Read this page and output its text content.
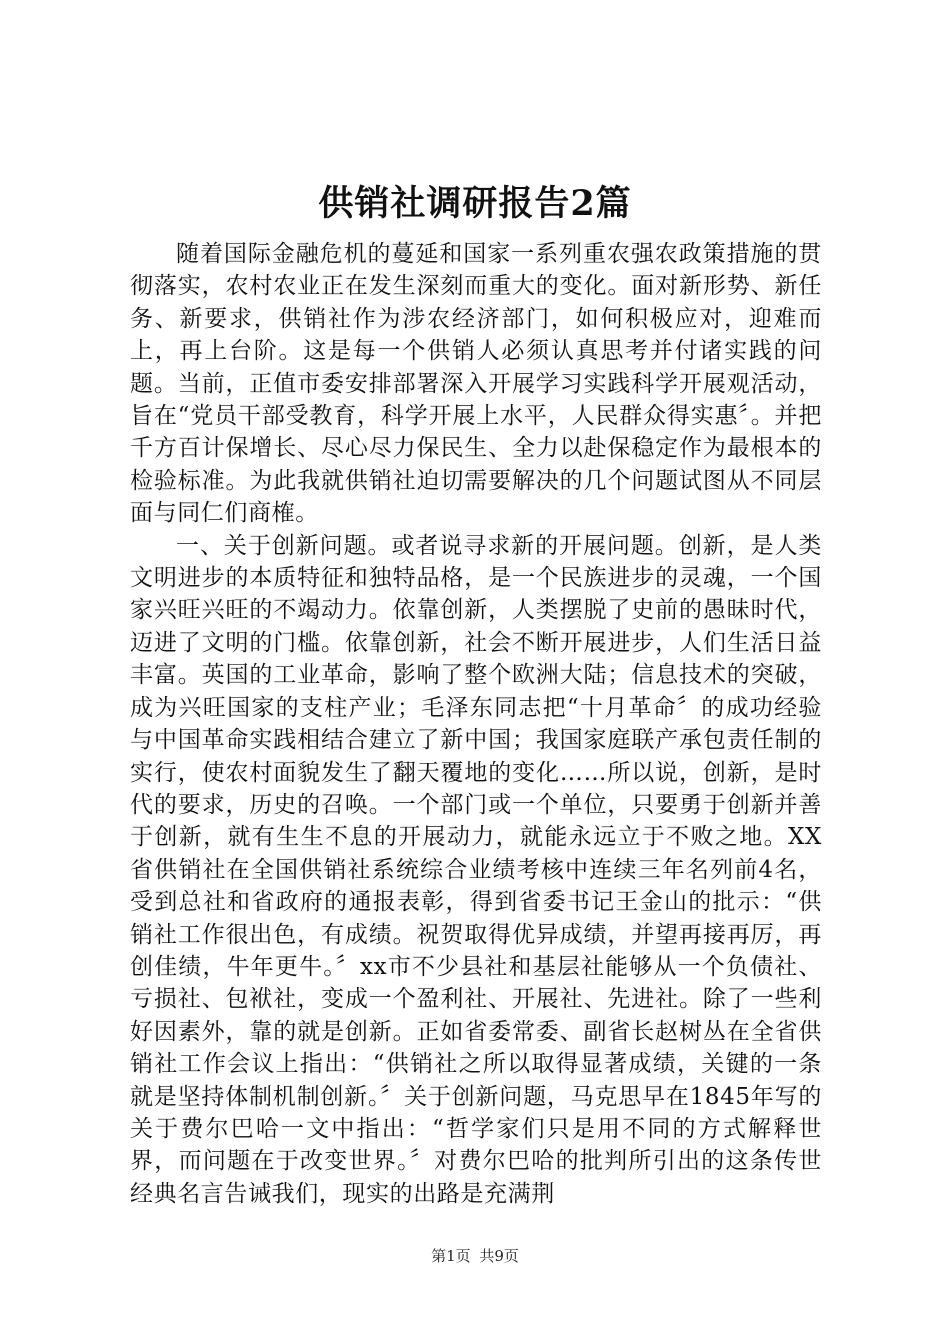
供销社调研报告2篇

随着国际金融危机的蔓延和国家一系列重农强农政策措施的贯彻落实，农村农业正在发生深刻而重大的变化。面对新形势、新任务、新要求，供销社作为涉农经济部门，如何积极应对，迎难而上，再上台阶。这是每一个供销人必须认真思考并付诸实践的问题。当前，正值市委安排部署深入开展学习实践科学开展观活动，旨在“党员干部受教育，科学开展上水平，人民群众得实惠〞。并把千方百计保增长、尽心尽力保民生、全力以赴保稳定作为最根本的检验标准。为此我就供销社迫切需要解决的几个问题试图从不同层面与同仁们商榷。

一、关于创新问题。或者说寻求新的开展问题。创新，是人类文明进步的本质特征和独特品格，是一个民族进步的灵魂，一个国家兴旺兴旺的不竭动力。依靠创新，人类摆脱了史前的愚昧时代，迈进了文明的门槛。依靠创新，社会不断开展进步，人们生活日益丰富。英国的工业革命，影响了整个欧洲大陆；信息技术的突破，成为兴旺国家的支柱产业；毛泽东同志把“十月革命〞的成功经验与中国革命实践相结合建立了新中国；我国家庭联产承包责任制的实行，使农村面貌发生了翻天覆地的变化……所以说，创新，是时代的要求，历史的召唤。一个部门或一个单位，只要勇于创新并善于创新，就有生生不息的开展动力，就能永远立于不败之地。XX省供销社在全国供销社系统综合业绩考核中连续三年名列前4名，受到总社和省政府的通报表彰，得到省委书记王金山的批示：“供销社工作很出色，有成绩。祝贺取得优异成绩，并望再接再厉，再创佳绩，牛年更牛。〞xx市不少县社和基层社能够从一个负债社、亏损社、包袱社，变成一个盈利社、开展社、先进社。除了一些利好因素外，靠的就是创新。正如省委常委、副省长赵树丛在全省供销社工作会议上指出：“供销社之所以取得显著成绩，关键的一条就是坚持体制机制创新。〞关于创新问题，马克思早在1845年写的关于费尔巴哈一文中指出：“哲学家们只是用不同的方式解释世界，而问题在于改变世界。〞对费尔巴哈的批判所引出的这条传世经典名言告诫我们，现实的出路是充满荆

第1页 共9页
